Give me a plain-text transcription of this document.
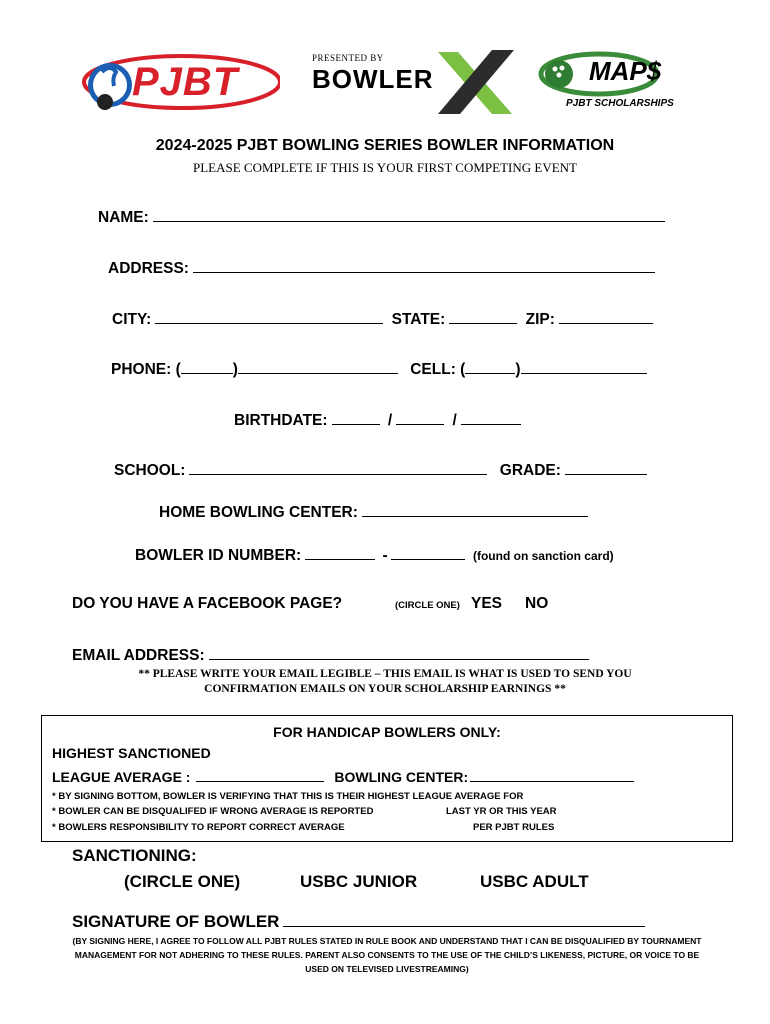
PJBT
PRESENTED BY
BOWLER	MAP$
PJBT SCHOLARSHIPS
2024-2025 PJBT BOWLING SERIES BOWLER INFORMATION
PLEASE COMPLETE IF THIS IS YOUR FIRST COMPETING EVENT
NAME:
ADDRESS:
CITY:	STATE:	ZIP:
PHONE: (	)	CELL: (	)
BIRTHDATE:	/	/
SCHOOL:	GRADE:
HOME BOWLING CENTER:
BOWLER ID NUMBER:	-	(found on sanction card)
DO YOU HAVE A FACEBOOK PAGE?	(CIRCLE ONE) YES NO
EMAIL ADDRESS:
** PLEASE WRITE YOUR EMAIL LEGIBLE – THIS EMAIL IS WHAT IS USED TO SEND YOU
CONFIRMATION EMAILS ON YOUR SCHOLARSHIP EARNINGS **
FOR HANDICAP BOWLERS ONLY:
HIGHEST SANCTIONED
LEAGUE AVERAGE :	BOWLING CENTER:
* BY SIGNING BOTTOM, BOWLER IS VERIFYING THAT THIS IS THEIR HIGHEST LEAGUE AVERAGE FOR
* BOWLER CAN BE DISQUALIFED IF WRONG AVERAGE IS REPORTED	LAST YR OR THIS YEAR
* BOWLERS RESPONSIBILITY TO REPORT CORRECT AVERAGE	PER PJBT RULES
SANCTIONING:
(CIRCLE ONE)	USBC JUNIOR	USBC ADULT
SIGNATURE OF BOWLER
(BY SIGNING HERE, I AGREE TO FOLLOW ALL PJBT RULES STATED IN RULE BOOK AND UNDERSTAND THAT I CAN BE DISQUALIFIED BY TOURNAMENT
MANAGEMENT FOR NOT ADHERING TO THESE RULES. PARENT ALSO CONSENTS TO THE USE OF THE CHILD’S LIKENESS, PICTURE, OR VOICE TO BE
USED ON TELEVISED LIVESTREAMING)
